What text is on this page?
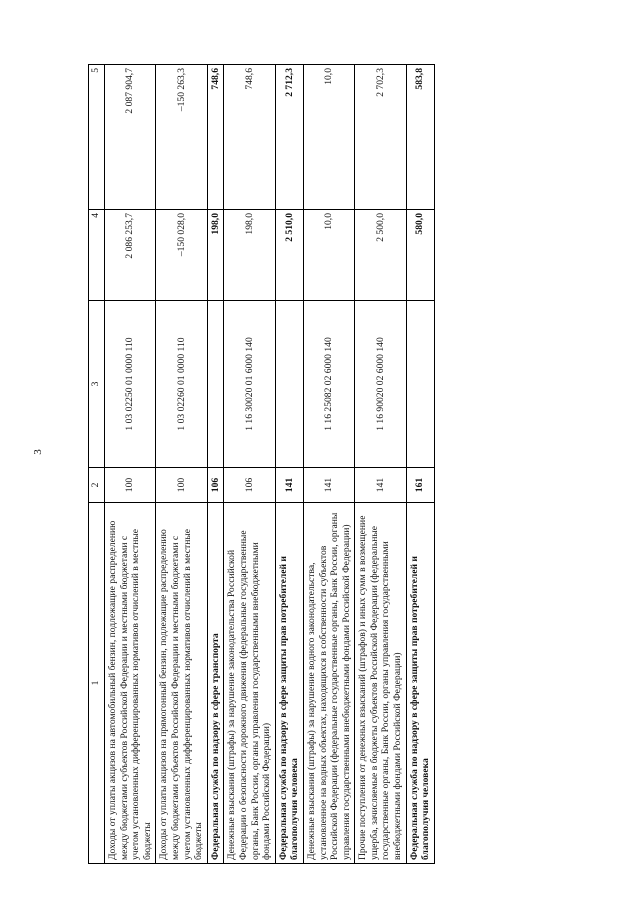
3
1	2	3	4	5
Доходы от уплаты акцизов на автомобильный бензин, подлежащие распределению между бюджетами субъектов Российской Федерации и местными бюджетами с учетом установленных дифференцированных нормативов отчислений в местные бюджеты	100	1 03 02250 01 0000 110	2 086 253,7	2 087 904,7
Доходы от уплаты акцизов на прямогонный бензин, подлежащие распределению между бюджетами субъектов Российской Федерации и местными бюджетами с учетом установленных дифференцированных нормативов отчислений в местные бюджеты	100	1 03 02260 01 0000 110	–150 028,0	–150 263,3
Федеральная служба по надзору в сфере транспорта	106		198,0	748,6
Денежные взыскания (штрафы) за нарушение законодательства Российской Федерации о безопасности дорожного движения (федеральные государственные органы, Банк России, органы управления государственными внебюджетными фондами Российской Федерации)	106	1 16 30020 01 6000 140	198,0	748,6
Федеральная служба по надзору в сфере защиты прав потребителей и благополучия человека	141		2 510,0	2 712,3
Денежные взыскания (штрафы) за нарушение водного законодательства, установленное на водных объектах, находящихся в собственности субъектов Российской Федерации (федеральные государственные органы, Банк России, органы управления государственными внебюджетными фондами Российской Федерации)	141	1 16 25082 02 6000 140	10,0	10,0
Прочие поступления от денежных взысканий (штрафов) и иных сумм в возмещение ущерба, зачисляемые в бюджеты субъектов Российской Федерации (федеральные государственные органы, Банк России, органы управления государственными внебюджетными фондами Российской Федерации)	141	1 16 90020 02 6000 140	2 500,0	2 702,3
Федеральная служба по надзору в сфере защиты прав потребителей и благополучия человека	161		580,0	583,8
